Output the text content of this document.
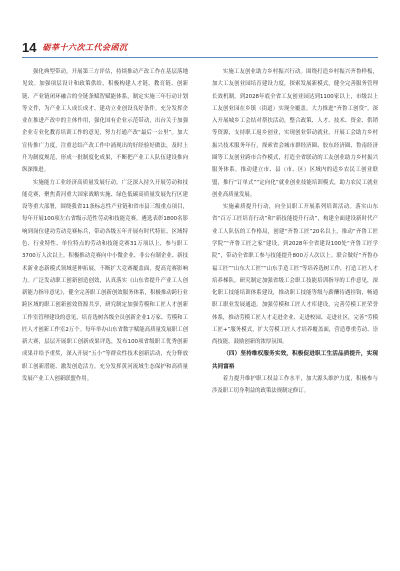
14 砺莘十六次工代会函沉

强化典型带动，开展第三方评估，持续推动产改工作在基层落地见效。加强项层设计和政策供给，积极构建人才链、教育链、创新链、产业链闭环融合的全链条赋智赋能体系，制定实施三年行动计划等文件，为产业工人成长成才、建功立业创设良好条件。充分发挥企业在推进产改中的主体作用，强化国有企业示范带动，出台关于加强企业专业化教育培训工作的意见，努力打通产改“最后一公里”。加大宣传推广力度，注重总结产改工作中涌现出的好经验好做法，及时上升为制度规范，形成一批制度化成果，不断把产业工人队伍建设推向纵深推进。

实施能力工业经济高质量发展行动。广泛深入持久开展劳动和技能竞赛，聚焦黄河重大国家战略实施、绿色低碳高质量发展先行区建设等重大部署，围绕我省11条标志性产业链和省市县三级重点项目，每年开展100项左右省级示范性劳动和技能竞赛，遴选表彰1800名影响到岗位建功劳动竞赛标兵，带动各级五年开展有时代特征、区域特色、行业特性、单位特点的劳动和技能竞赛31万项以上，参与职工3700万人次以上。积极推动竞赛向中小微企业、非公有制企业、新技术新业态新模式领域延伸拓展，不断扩大竞赛覆盖面，提高竞赛影响力。广泛发动职工创新创造创效，认真落实《山东省提升产业工人创新能力指导意见》，健全完善职工创新创效服务体系，积极推动跨行业跨区域的职工创新创效资源共享，研究制定加强劳模和工匠人才创新工作室管理建设的意见，培育选树各级全员创新企业1万家、劳模和工匠人才创新工作室2万个。每年举办山东省数字赋能高质量发展职工创新大赛，层层开展职工创新成果评选，发布100项省级职工优秀创新成果并给予重奖，深入开展“五小”等群众性技术创新活动，充分释放职工创新潜能、激发创造活力。充分发挥黄河流域生态保护和高质量发展产业工人创新联盟作用。

实施工友创业助力乡村振兴行动。围绕打造乡村振兴齐鲁样板，加大工友创业园培育建设力度，探索发展新模式，健全完善服务管理长效机制，到2028年底全省工友创业园达到1100家以上，市级以上工友创业园在乡镇（街道）实现全覆盖。大力推进“齐鲁工创贷”，深入开展城乡工会结对帮扶活动，整合政策、人才、技术、资金、供销等资源，支持职工返乡创业，实现创业带动就业。开展工会助力乡村振兴技术服务年行，探索省会城市群经济圈、胶东经济圈、鲁南经济圈等工友创业跨市合作模式，打造全省联动的工友创业助力乡村振兴服务体系。推动建立市、县（市、区）区域内的适乡农民工创业联盟，推行“订单式”“定向化”就业创业技能培训模式，助力农民工就业创业高质量发展。

实施素质提升行动，向全员职工开展系列培训活动。落实山东省“百万工匠培育行动”和“新技能提升行动”，构建全面建设新时代产业工人队伍的工作格局，创建“齐鲁工匠”20名以上，推动“齐鲁工匠学院”“齐鲁工匠之家”建设，到2028年全省建设100处“齐鲁工匠学院”，带动全省职工参与技能提升800万人次以上。联合做好“齐鲁办福工匠”“山东大工匠”“山东手造工匠”等培养选树工作，打造工匠人才培养梯队。研究制定加强省级工会职工技能培训指导的工作意见，深化职工技能培训体系建设，推动职工技能等级与薪酬待遇挂钩，畅通职工职业发展通道。加强劳模和工匠人才库建设，完善劳模工匠荣誉体系，推动劳模工匠人才走进企业、走进校园、走进社区，完善“劳模工匠+”服务模式，扩大劳模工匠人才培养覆盖面，营造尊重劳动、崇尚技能、鼓励创新的浓厚氛围。

（四）坚持维权服务实效，积极促进职工生活品质提升，实现共同富裕

着力提升维护职工权益工作水平，加大源头维护力度，积极参与涉及职工切身利益的政策法规制定修订。
